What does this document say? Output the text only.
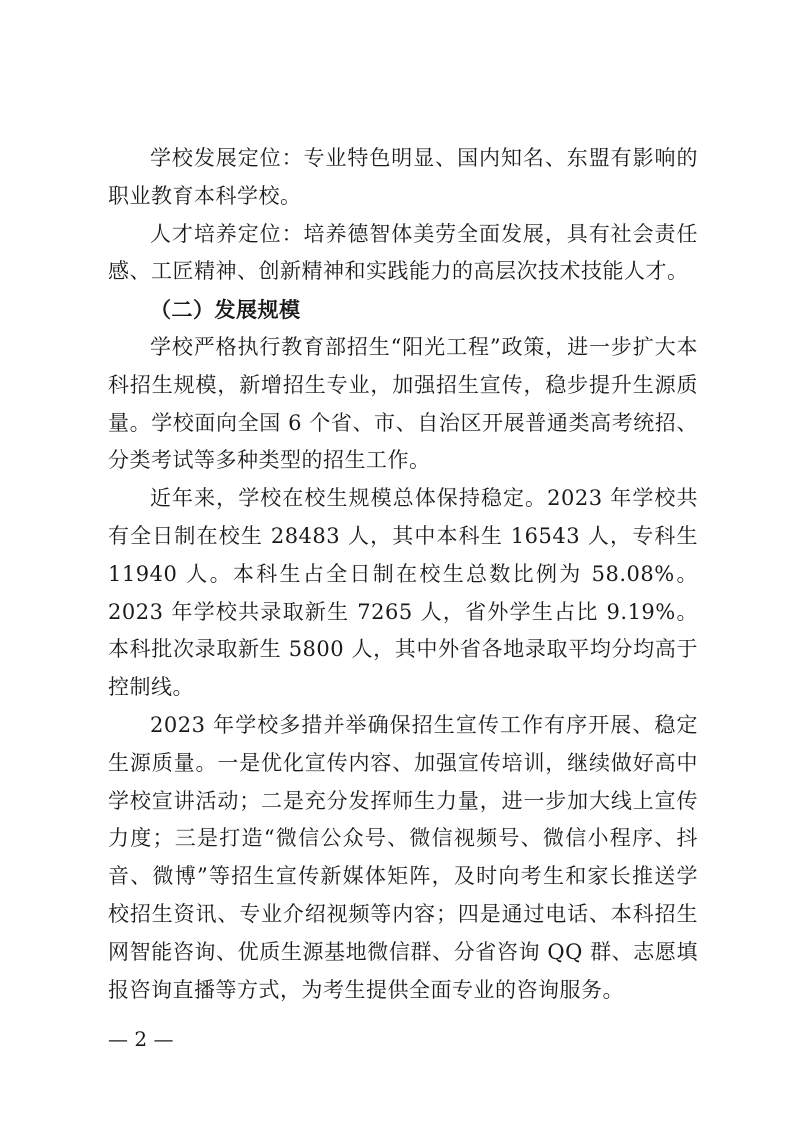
学校发展定位：专业特色明显、国内知名、东盟有影响的职业教育本科学校。

人才培养定位：培养德智体美劳全面发展，具有社会责任感、工匠精神、创新精神和实践能力的高层次技术技能人才。

（二）发展规模

学校严格执行教育部招生“阳光工程”政策，进一步扩大本科招生规模，新增招生专业，加强招生宣传，稳步提升生源质量。学校面向全国 6 个省、市、自治区开展普通类高考统招、分类考试等多种类型的招生工作。

近年来，学校在校生规模总体保持稳定。2023 年学校共有全日制在校生 28483 人，其中本科生 16543 人，专科生 11940 人。本科生占全日制在校生总数比例为 58.08%。2023 年学校共录取新生 7265 人，省外学生占比 9.19%。本科批次录取新生 5800 人，其中外省各地录取平均分均高于控制线。

2023 年学校多措并举确保招生宣传工作有序开展、稳定生源质量。一是优化宣传内容、加强宣传培训，继续做好高中学校宣讲活动；二是充分发挥师生力量，进一步加大线上宣传力度；三是打造“微信公众号、微信视频号、微信小程序、抖音、微博”等招生宣传新媒体矩阵，及时向考生和家长推送学校招生资讯、专业介绍视频等内容；四是通过电话、本科招生网智能咨询、优质生源基地微信群、分省咨询 QQ 群、志愿填报咨询直播等方式，为考生提供全面专业的咨询服务。

— 2 —
